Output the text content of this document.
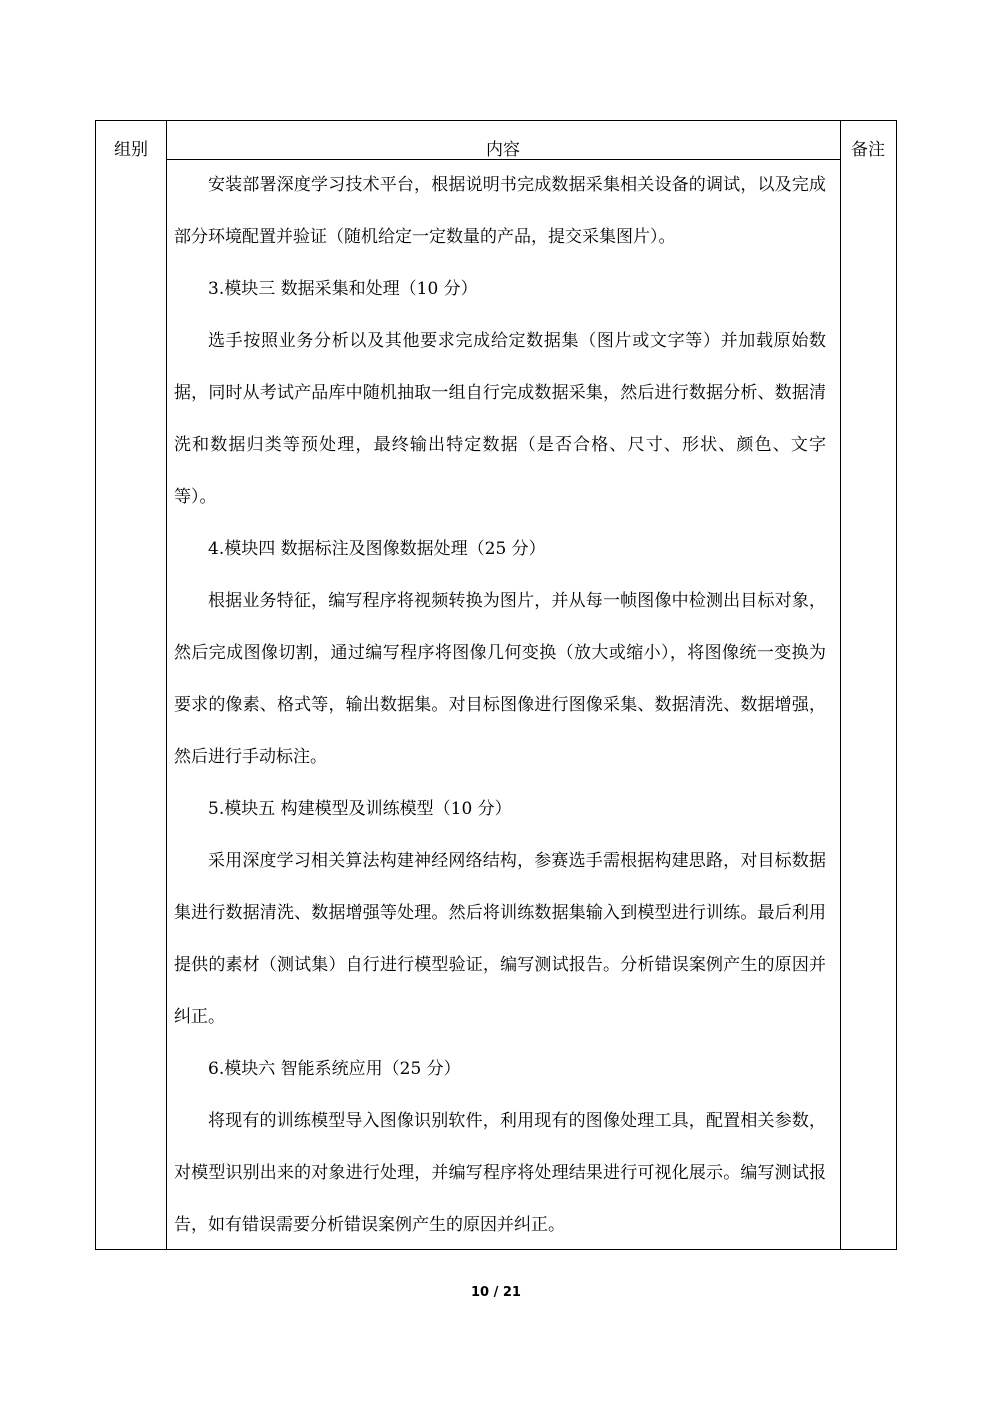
组别	内容	备注

安装部署深度学习技术平台，根据说明书完成数据采集相关设备的调试，以及完成部分环境配置并验证（随机给定一定数量的产品，提交采集图片）。

3.模块三 数据采集和处理（10 分）

选手按照业务分析以及其他要求完成给定数据集（图片或文字等）并加载原始数据，同时从考试产品库中随机抽取一组自行完成数据采集，然后进行数据分析、数据清洗和数据归类等预处理，最终输出特定数据（是否合格、尺寸、形状、颜色、文字等）。

4.模块四 数据标注及图像数据处理（25 分）

根据业务特征，编写程序将视频转换为图片，并从每一帧图像中检测出目标对象，然后完成图像切割，通过编写程序将图像几何变换（放大或缩小），将图像统一变换为要求的像素、格式等，输出数据集。对目标图像进行图像采集、数据清洗、数据增强，然后进行手动标注。

5.模块五 构建模型及训练模型（10 分）

采用深度学习相关算法构建神经网络结构，参赛选手需根据构建思路，对目标数据集进行数据清洗、数据增强等处理。然后将训练数据集输入到模型进行训练。最后利用提供的素材（测试集）自行进行模型验证，编写测试报告。分析错误案例产生的原因并纠正。

6.模块六 智能系统应用（25 分）

将现有的训练模型导入图像识别软件，利用现有的图像处理工具，配置相关参数，对模型识别出来的对象进行处理，并编写程序将处理结果进行可视化展示。编写测试报告，如有错误需要分析错误案例产生的原因并纠正。

10 / 21
